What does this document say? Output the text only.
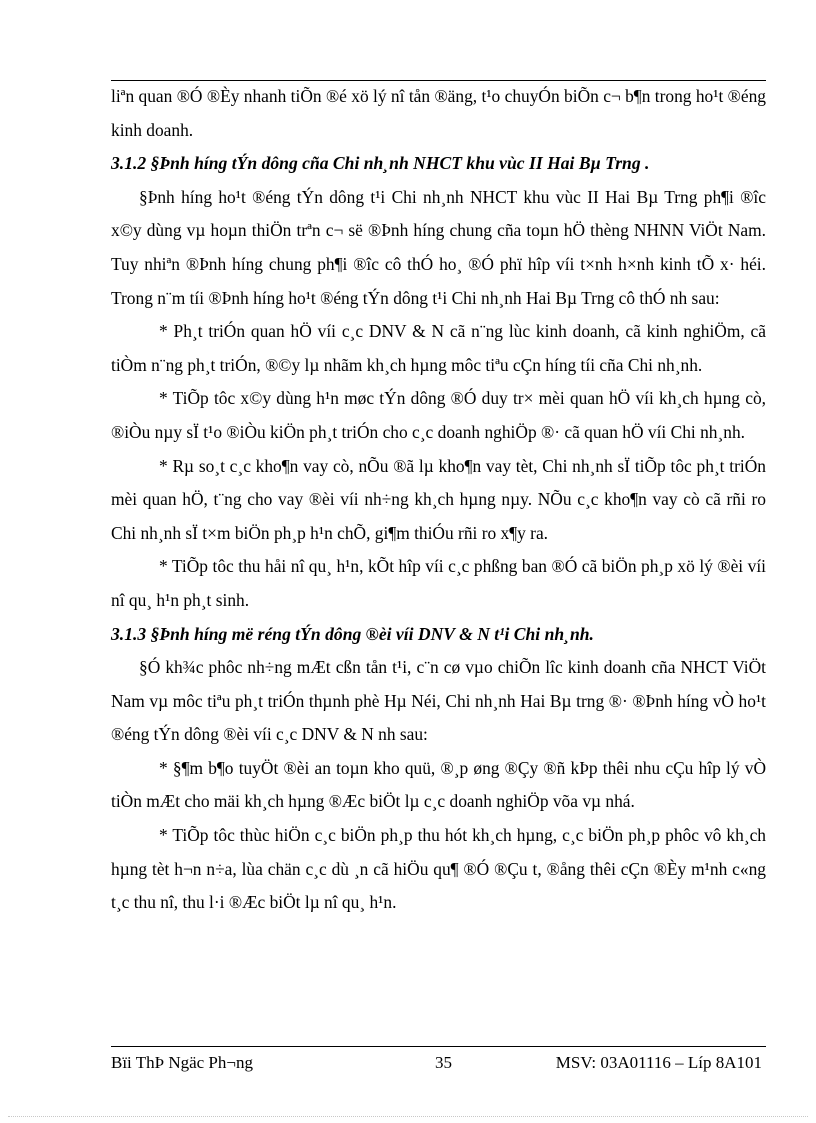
liªn quan ®Ó ®Èy nhanh tiÕn ®é xö lý nî tån ®äng, t¹o chuyÓn biÕn c¬ b¶n trong ho¹t ®éng kinh doanh.

3.1.2 §Þnh híng tÝn dông cña Chi nh¸nh NHCT khu vùc II Hai Bµ Trng .

§Þnh híng ho¹t ®éng tÝn dông t¹i Chi nh¸nh NHCT khu vùc II Hai Bµ Trng ph¶i ®îc x©y dùng vµ hoµn thiÖn trªn c¬ së ®Þnh híng chung cña toµn hÖ thèng NHNN ViÖt Nam. Tuy nhiªn ®Þnh híng chung ph¶i ®îc cô thÓ ho¸ ®Ó phï hîp víi t×nh h×nh kinh tÕ x· héi. Trong n¨m tíi ®Þnh híng ho¹t ®éng tÝn dông t¹i Chi nh¸nh Hai Bµ Trng cô thÓ nh sau:

* Ph¸t triÓn quan hÖ víi c¸c DNV & N cã n¨ng lùc kinh doanh, cã kinh nghiÖm, cã tiÒm n¨ng ph¸t triÓn, ®©y lµ nhãm kh¸ch hµng môc tiªu cÇn híng tíi cña Chi nh¸nh.

* TiÕp tôc x©y dùng h¹n møc tÝn dông ®Ó duy tr× mèi quan hÖ víi kh¸ch hµng cò, ®iÒu nµy sÏ t¹o ®iÒu kiÖn ph¸t triÓn cho c¸c doanh nghiÖp ®· cã quan hÖ víi Chi nh¸nh.

* Rµ so¸t c¸c kho¶n vay cò, nÕu ®ã lµ kho¶n vay tèt, Chi nh¸nh sÏ tiÕp tôc ph¸t triÓn mèi quan hÖ, t¨ng cho vay ®èi víi nh÷ng kh¸ch hµng nµy. NÕu c¸c kho¶n vay cò cã rñi ro Chi nh¸nh sÏ t×m biÖn ph¸p h¹n chÕ, gi¶m thiÓu rñi ro x¶y ra.

* TiÕp tôc thu håi nî qu¸ h¹n, kÕt hîp víi c¸c phßng ban ®Ó cã biÖn ph¸p xö lý ®èi víi nî qu¸ h¹n ph¸t sinh.

3.1.3 §Þnh híng më réng tÝn dông ®èi víi DNV & N t¹i Chi nh¸nh.

§Ó kh¾c phôc nh÷ng mÆt cßn tån t¹i, c¨n cø vµo chiÕn lîc kinh doanh cña NHCT ViÖt Nam vµ môc tiªu ph¸t triÓn thµnh phè Hµ Néi, Chi nh¸nh Hai Bµ trng ®· ®Þnh híng vÒ ho¹t ®éng tÝn dông ®èi víi c¸c DNV & N nh sau:

* §¶m b¶o tuyÖt ®èi an toµn kho quü, ®¸p øng ®Çy ®ñ kÞp thêi nhu cÇu hîp lý vÒ tiÒn mÆt cho mäi kh¸ch hµng ®Æc biÖt lµ c¸c doanh nghiÖp võa vµ nhá.

* TiÕp tôc thùc hiÖn c¸c biÖn ph¸p thu hót kh¸ch hµng, c¸c biÖn ph¸p phôc vô kh¸ch hµng tèt h¬n n÷a, lùa chän c¸c dù ¸n cã hiÖu qu¶ ®Ó ®Çu t, ®ång thêi cÇn ®Èy m¹nh c«ng t¸c thu nî, thu l·i ®Æc biÖt lµ nî qu¸ h¹n.

Bïi ThÞ Ngäc Ph¬ng	35	MSV: 03A01116 – Líp 8A101
